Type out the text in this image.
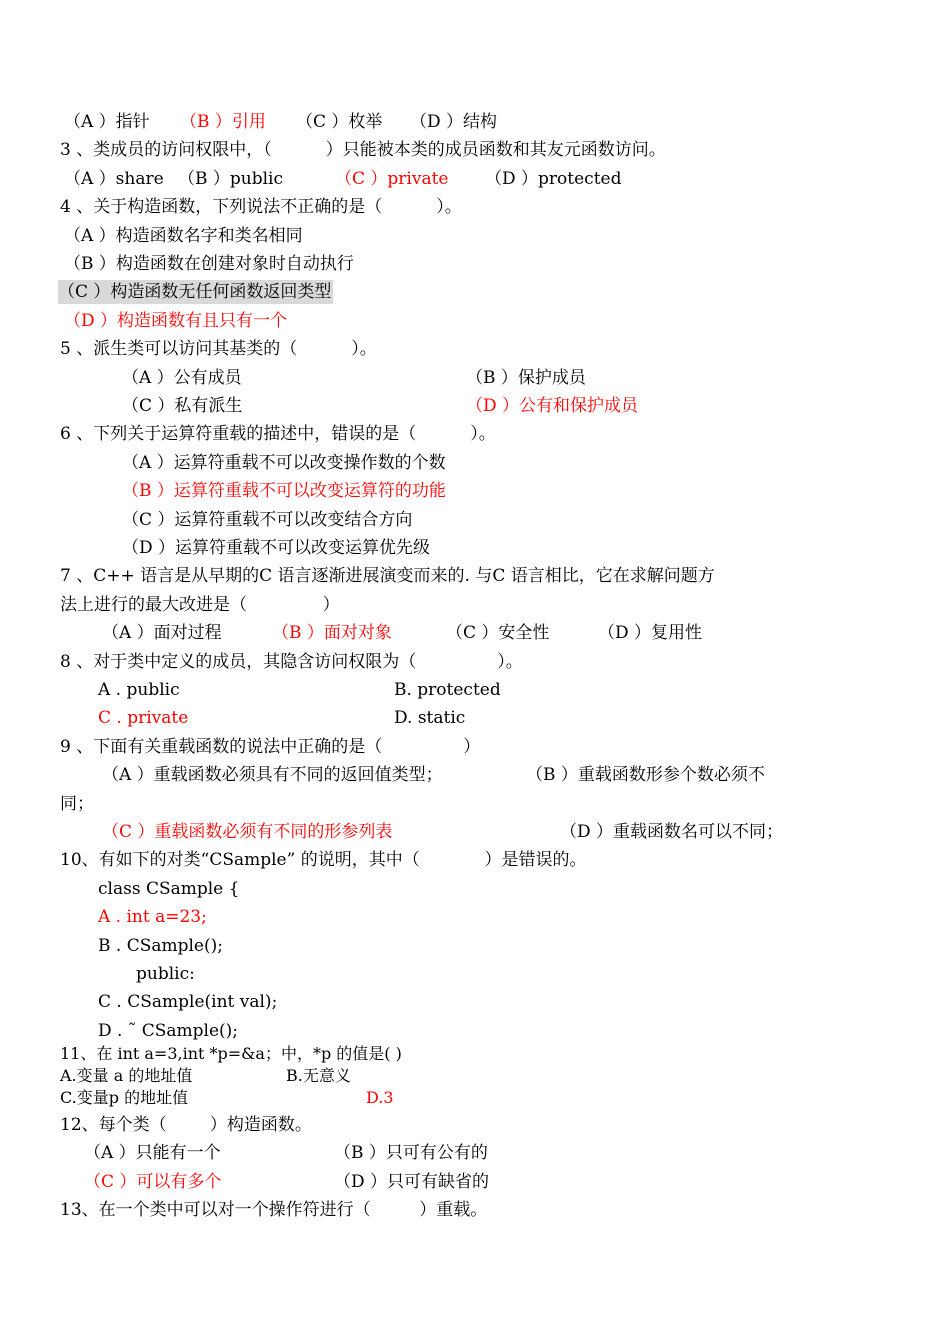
（A ）指针 （B ）引用 （C ）枚举 （D ）结构
3 、类成员的访问权限中，（          ）只能被本类的成员函数和其友元函数访问。
（A ）share （B ）public	（C ）private （D ）protected
4 、关于构造函数，下列说法不正确的是（          ）。
（A ）构造函数名字和类名相同
（B ）构造函数在创建对象时自动执行
（C ）构造函数无任何函数返回类型
（D ）构造函数有且只有一个
5 、派生类可以访问其基类的（          ）。
（A ）公有成员	（B ）保护成员
（C ）私有派生	（D ）公有和保护成员
6 、下列关于运算符重载的描述中，错误的是（          ）。
（A ）运算符重载不可以改变操作数的个数
（B ）运算符重载不可以改变运算符的功能
（C ）运算符重载不可以改变结合方向
（D ）运算符重载不可以改变运算优先级
7 、C++ 语言是从早期的C 语言逐渐进展演变而来的. 与C 语言相比，它在求解问题方
法上进行的最大改进是（              ）
（A ）面对过程	（B ）面对对象	（C ）安全性	（D ）复用性
8 、对于类中定义的成员，其隐含访问权限为（               ）。
A . public	B. protected
C . private	D. static
9 、下面有关重载函数的说法中正确的是（               ）
（A ）重载函数必须具有不同的返回值类型；	（B ）重载函数形参个数必须不
同；
（C ）重载函数必须有不同的形参列表	（D ）重载函数名可以不同；
10、有如下的对类“CSample” 的说明，其中（            ）是错误的。
class CSample {
A . int a=23;
B . CSample();
public:
C . CSample(int val);
D . ˜ CSample();
11、在 int a=3,int *p=&a；中，*p 的值是( )
A.变量 a 的地址值	B.无意义
C.变量p 的地址值	D.3
12、每个类（        ）构造函数。
（A ）只能有一个	（B ）只可有公有的
（C ）可以有多个	（D ）只可有缺省的
13、在一个类中可以对一个操作符进行（         ）重载。
